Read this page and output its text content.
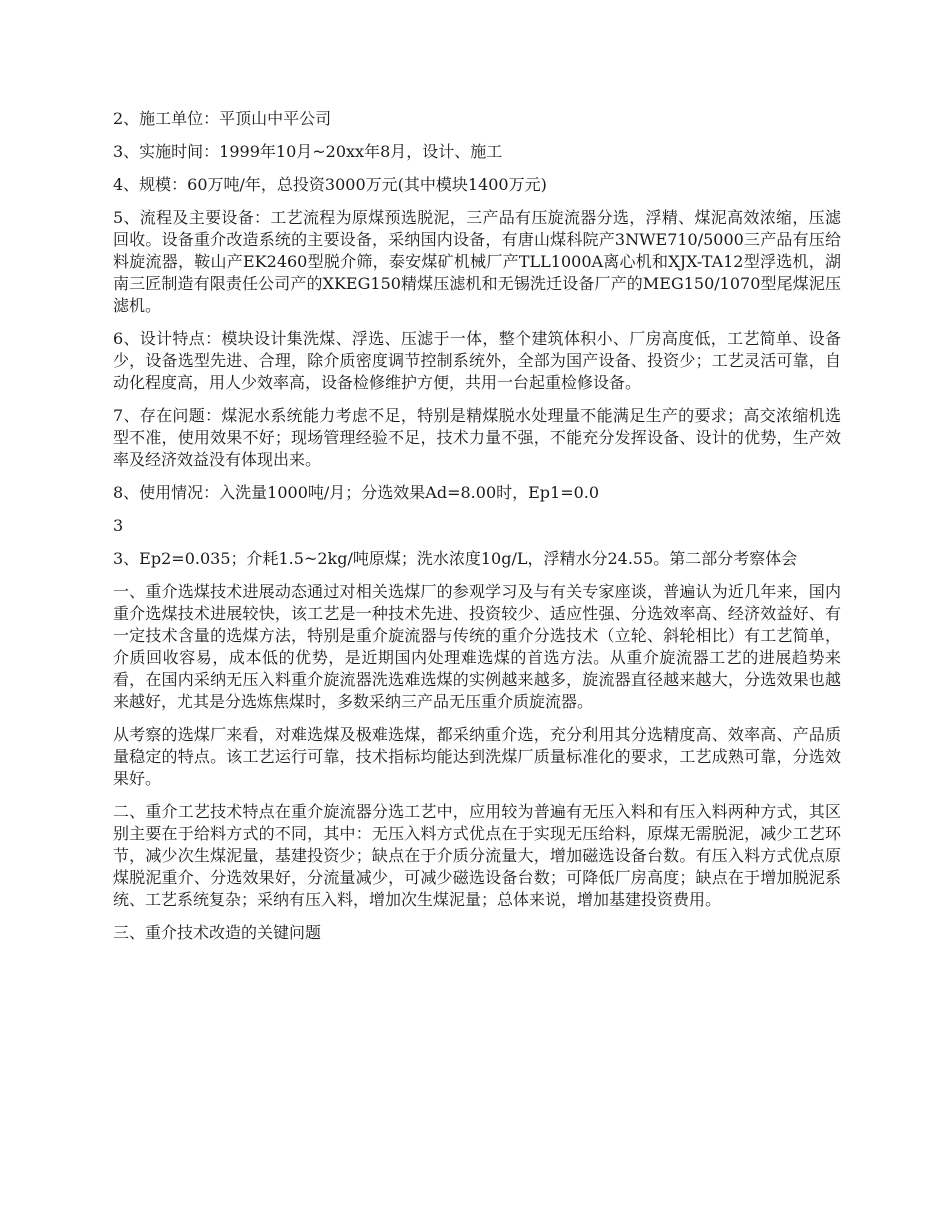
2、施工单位：平顶山中平公司

3、实施时间：1999年10月~20xx年8月，设计、施工

4、规模：60万吨/年，总投资3000万元(其中模块1400万元)

5、流程及主要设备：工艺流程为原煤预选脱泥，三产品有压旋流器分选，浮精、煤泥高效浓缩，压滤回收。设备重介改造系统的主要设备，采纳国内设备，有唐山煤科院产3NWE710/5000三产品有压给料旋流器，鞍山产EK2460型脱介筛，泰安煤矿机械厂产TLL1000A离心机和XJX-TA12型浮选机，湖南三匠制造有限责任公司产的XKEG150精煤压滤机和无锡洗迁设备厂产的MEG150/1070型尾煤泥压滤机。

6、设计特点：模块设计集洗煤、浮选、压滤于一体，整个建筑体积小、厂房高度低，工艺简单、设备少，设备选型先进、合理，除介质密度调节控制系统外，全部为国产设备、投资少；工艺灵活可靠，自动化程度高，用人少效率高，设备检修维护方便，共用一台起重检修设备。

7、存在问题：煤泥水系统能力考虑不足，特别是精煤脱水处理量不能满足生产的要求；高交浓缩机选型不准，使用效果不好；现场管理经验不足，技术力量不强，不能充分发挥设备、设计的优势，生产效率及经济效益没有体现出来。

8、使用情况：入洗量1000吨/月；分选效果Ad=8.00时，Ep1=0.0

3

3、Ep2=0.035；介耗1.5~2kg/吨原煤；洗水浓度10g/L，浮精水分24.55。第二部分考察体会

一、重介选煤技术进展动态通过对相关选煤厂的参观学习及与有关专家座谈，普遍认为近几年来，国内重介选煤技术进展较快，该工艺是一种技术先进、投资较少、适应性强、分选效率高、经济效益好、有一定技术含量的选煤方法，特别是重介旋流器与传统的重介分选技术（立轮、斜轮相比）有工艺简单，介质回收容易，成本低的优势，是近期国内处理难选煤的首选方法。从重介旋流器工艺的进展趋势来看，在国内采纳无压入料重介旋流器洗选难选煤的实例越来越多，旋流器直径越来越大，分选效果也越来越好，尤其是分选炼焦煤时，多数采纳三产品无压重介质旋流器。

从考察的选煤厂来看，对难选煤及极难选煤，都采纳重介选，充分利用其分选精度高、效率高、产品质量稳定的特点。该工艺运行可靠，技术指标均能达到洗煤厂质量标准化的要求，工艺成熟可靠，分选效果好。

二、重介工艺技术特点在重介旋流器分选工艺中，应用较为普遍有无压入料和有压入料两种方式，其区别主要在于给料方式的不同，其中：无压入料方式优点在于实现无压给料，原煤无需脱泥，减少工艺环节，减少次生煤泥量，基建投资少；缺点在于介质分流量大，增加磁选设备台数。有压入料方式优点原煤脱泥重介、分选效果好，分流量减少，可减少磁选设备台数；可降低厂房高度；缺点在于增加脱泥系统、工艺系统复杂；采纳有压入料，增加次生煤泥量；总体来说，增加基建投资费用。

三、重介技术改造的关键问题
